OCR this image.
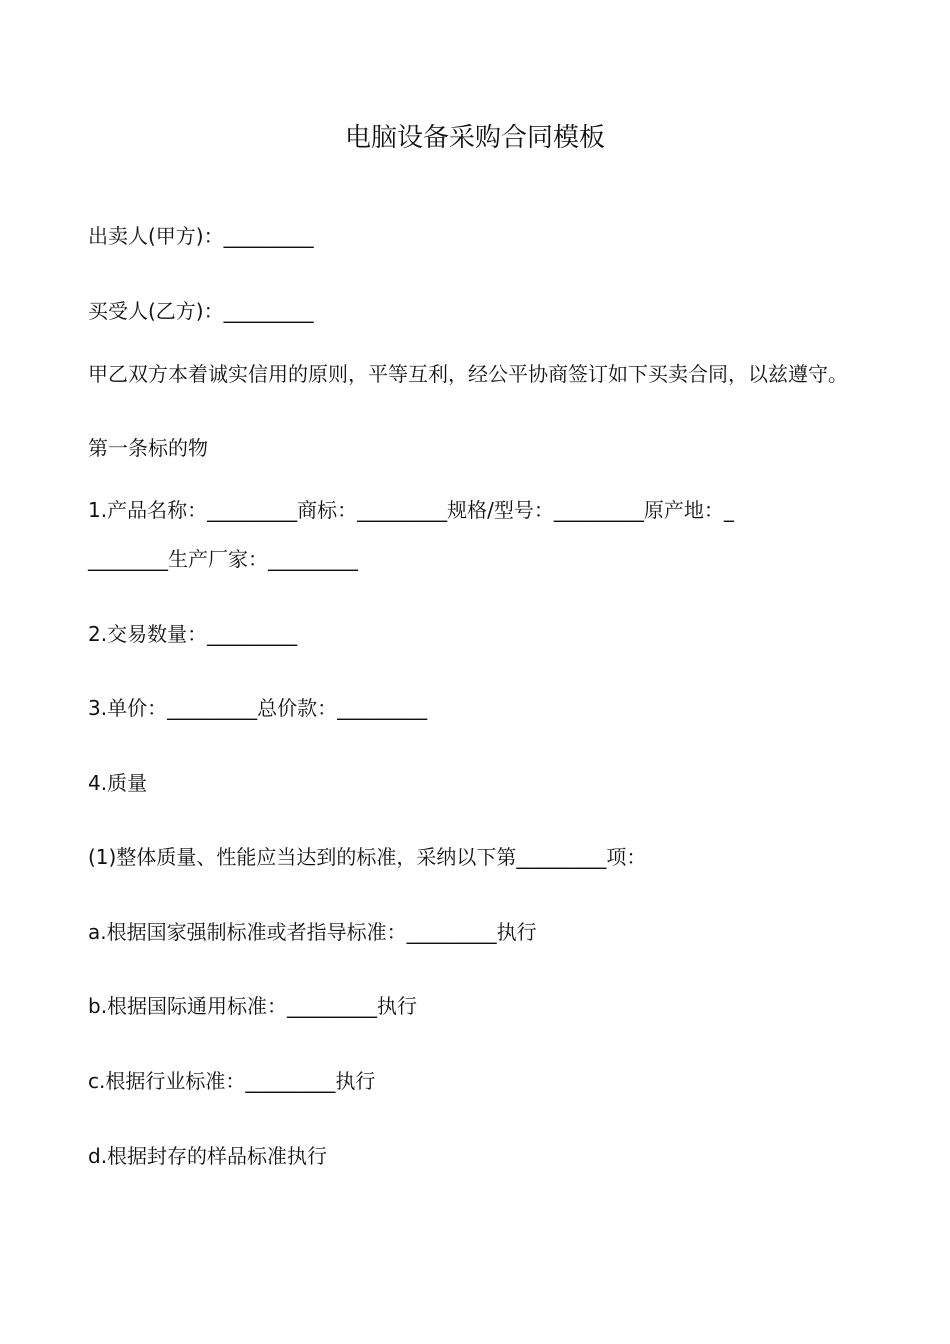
电脑设备采购合同模板
出卖人(甲方)：_________
买受人(乙方)：_________
甲乙双方本着诚实信用的原则，平等互利，经公平协商签订如下买卖合同，以兹遵守。
第一条标的物
1.产品名称：_________商标：_________规格/型号：_________原产地：_
________生产厂家：_________
2.交易数量：_________
3.单价：_________总价款：_________
4.质量
(1)整体质量、性能应当达到的标准，采纳以下第_________项：
a.根据国家强制标准或者指导标准：_________执行
b.根据国际通用标准：_________执行
c.根据行业标准：_________执行
d.根据封存的样品标准执行
